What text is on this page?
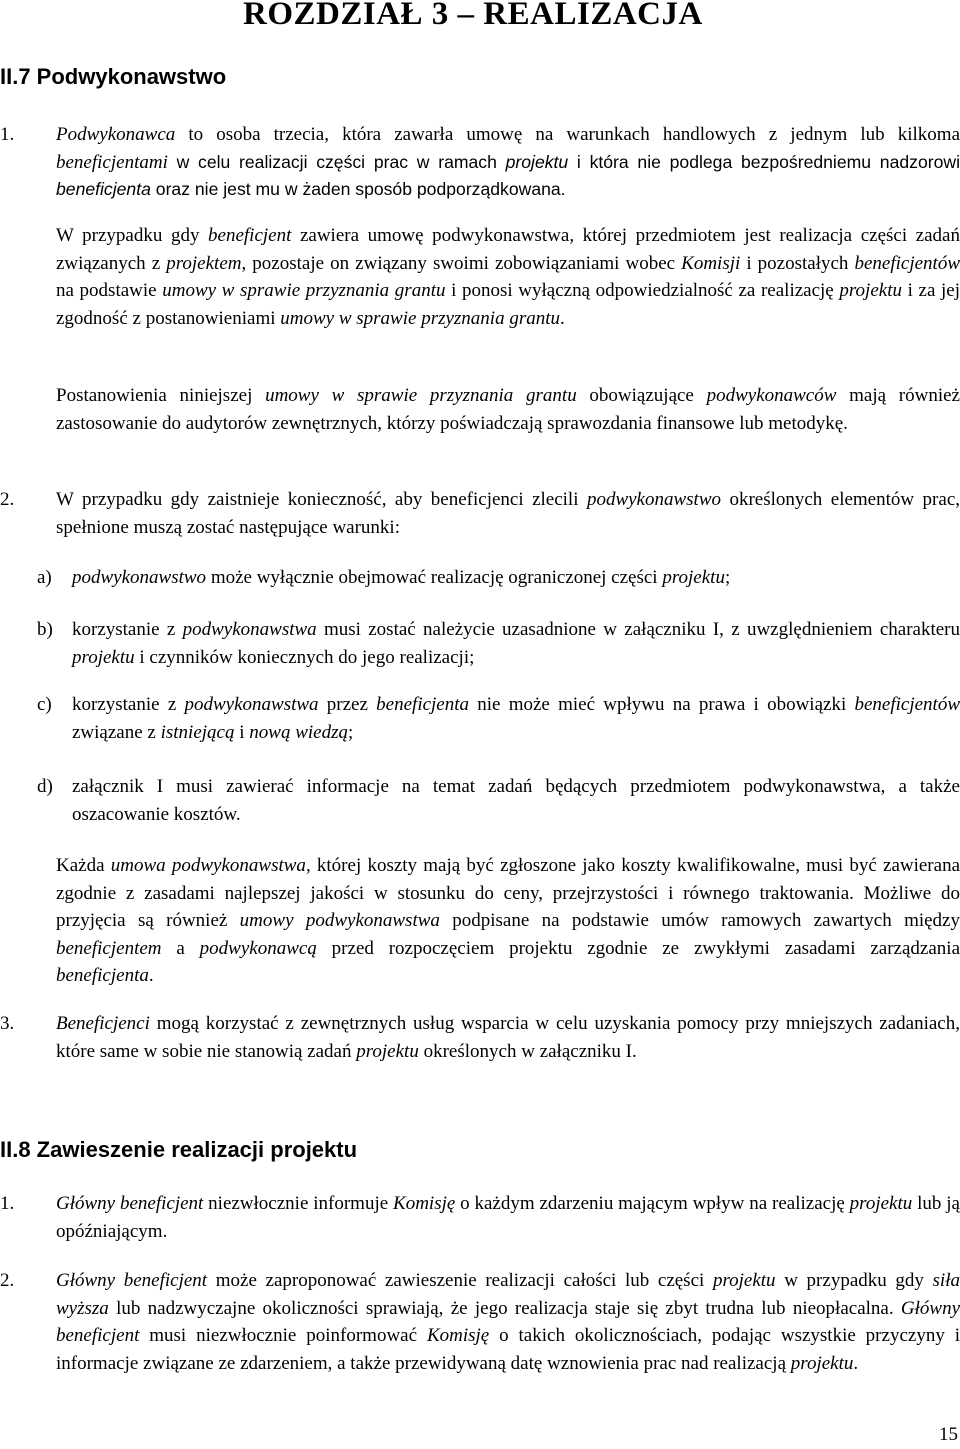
ROZDZIAŁ 3 – REALIZACJA
II.7 Podwykonawstwo
1. Podwykonawca to osoba trzecia, która zawarła umowę na warunkach handlowych z jednym lub kilkoma beneficjentami w celu realizacji części prac w ramach projektu i która nie podlega bezpośredniemu nadzorowi beneficjenta oraz nie jest mu w żaden sposób podporządkowana.
W przypadku gdy beneficjent zawiera umowę podwykonawstwa, której przedmiotem jest realizacja części zadań związanych z projektem, pozostaje on związany swoimi zobowiązaniami wobec Komisji i pozostałych beneficjentów na podstawie umowy w sprawie przyznania grantu i ponosi wyłączną odpowiedzialność za realizację projektu i za jej zgodność z postanowieniami umowy w sprawie przyznania grantu.
Postanowienia niniejszej umowy w sprawie przyznania grantu obowiązujące podwykonawców mają również zastosowanie do audytorów zewnętrznych, którzy poświadczają sprawozdania finansowe lub metodykę.
2. W przypadku gdy zaistnieje konieczność, aby beneficjenci zlecili podwykonawstwo określonych elementów prac, spełnione muszą zostać następujące warunki:
a) podwykonawstwo może wyłącznie obejmować realizację ograniczonej części projektu;
b) korzystanie z podwykonawstwa musi zostać należycie uzasadnione w załączniku I, z uwzględnieniem charakteru projektu i czynników koniecznych do jego realizacji;
c) korzystanie z podwykonawstwa przez beneficjenta nie może mieć wpływu na prawa i obowiązki beneficjentów związane z istniejącą i nową wiedzą;
d) załącznik I musi zawierać informacje na temat zadań będących przedmiotem podwykonawstwa, a także oszacowanie kosztów.
Każda umowa podwykonawstwa, której koszty mają być zgłoszone jako koszty kwalifikowalne, musi być zawierana zgodnie z zasadami najlepszej jakości w stosunku do ceny, przejrzystości i równego traktowania. Możliwe do przyjęcia są również umowy podwykonawstwa podpisane na podstawie umów ramowych zawartych między beneficjentem a podwykonawcą przed rozpoczęciem projektu zgodnie ze zwykłymi zasadami zarządzania beneficjenta.
3. Beneficjenci mogą korzystać z zewnętrznych usług wsparcia w celu uzyskania pomocy przy mniejszych zadaniach, które same w sobie nie stanowią zadań projektu określonych w załączniku I.
II.8 Zawieszenie realizacji projektu
1. Główny beneficjent niezwłocznie informuje Komisję o każdym zdarzeniu mającym wpływ na realizację projektu lub ją opóźniającym.
2. Główny beneficjent może zaproponować zawieszenie realizacji całości lub części projektu w przypadku gdy siła wyższa lub nadzwyczajne okoliczności sprawiają, że jego realizacja staje się zbyt trudna lub nieopłacalna. Główny beneficjent musi niezwłocznie poinformować Komisję o takich okolicznościach, podając wszystkie przyczyny i informacje związane ze zdarzeniem, a także przewidywaną datę wznowienia prac nad realizacją projektu.
15
